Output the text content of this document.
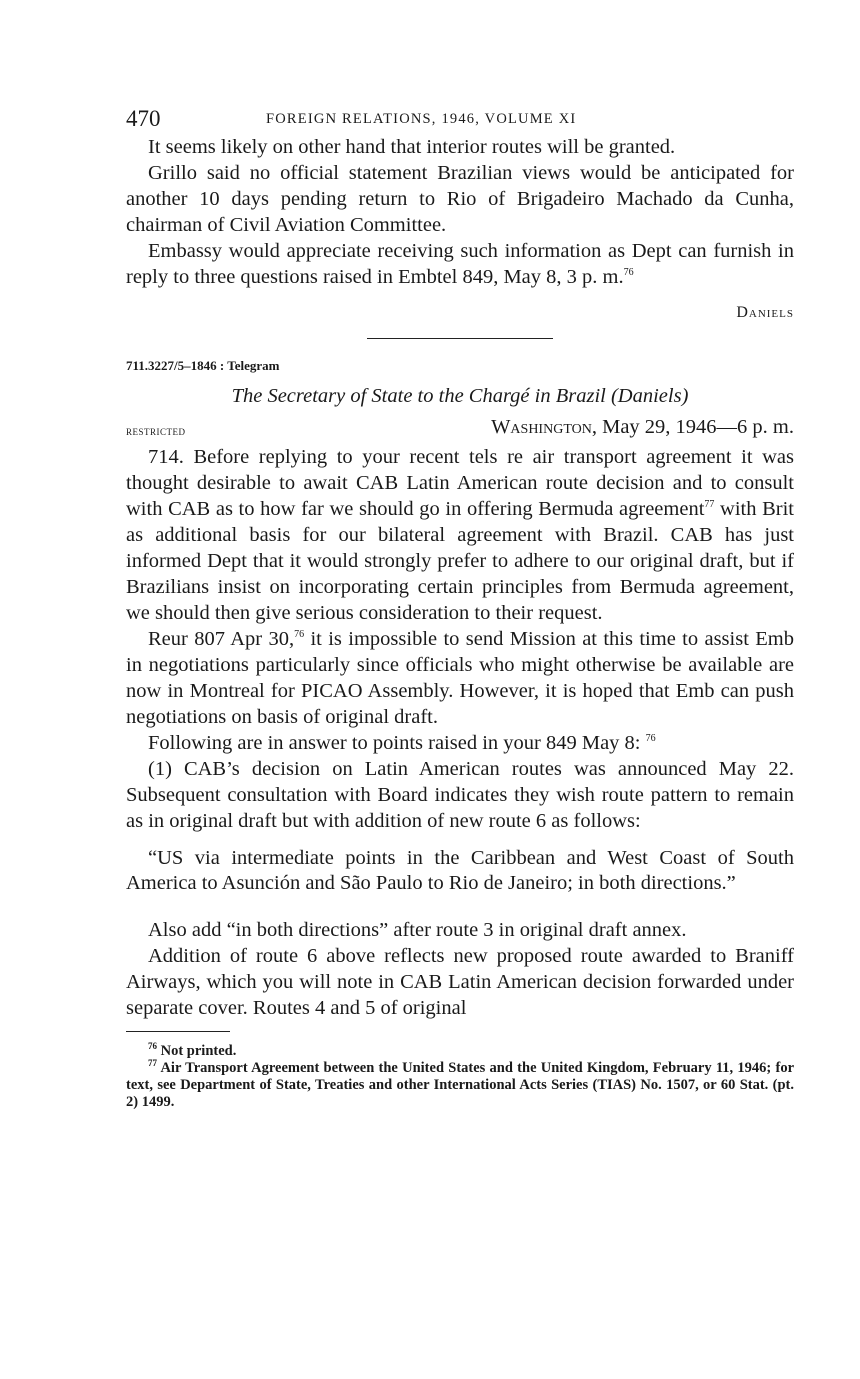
470	FOREIGN RELATIONS, 1946, VOLUME XI

It seems likely on other hand that interior routes will be granted.

Grillo said no official statement Brazilian views would be anticipated for another 10 days pending return to Rio of Brigadeiro Machado da Cunha, chairman of Civil Aviation Committee.

Embassy would appreciate receiving such information as Dept can furnish in reply to three questions raised in Embtel 849, May 8, 3 p. m.$^{76}$

Daniels
711.3227/5–1846 : Telegram
The Secretary of State to the Chargé in Brazil (Daniels)
restricted	Washington, May 29, 1946—6 p. m.

714. Before replying to your recent tels re air transport agreement it was thought desirable to await CAB Latin American route decision and to consult with CAB as to how far we should go in offering Bermuda agreement$^{77}$ with Brit as additional basis for our bilateral agreement with Brazil. CAB has just informed Dept that it would strongly prefer to adhere to our original draft, but if Brazilians insist on incorporating certain principles from Bermuda agreement, we should then give serious consideration to their request.

Reur 807 Apr 30,76 it is impossible to send Mission at this time to assist Emb in negotiations particularly since officials who might otherwise be available are now in Montreal for PICAO Assembly. However, it is hoped that Emb can push negotiations on basis of original draft.

Following are in answer to points raised in your 849 May 8: $^{76}$

(1) CAB’s decision on Latin American routes was announced May 22. Subsequent consultation with Board indicates they wish route pattern to remain as in original draft but with addition of new route 6 as follows:

“US via intermediate points in the Caribbean and West Coast of South America to Asunción and São Paulo to Rio de Janeiro; in both directions.”

Also add “in both directions” after route 3 in original draft annex.

Addition of route 6 above reflects new proposed route awarded to Braniff Airways, which you will note in CAB Latin American decision forwarded under separate cover. Routes 4 and 5 of original

$^{76}$ Not printed.

$^{77}$ Air Transport Agreement between the United States and the United Kingdom, February 11, 1946; for text, see Department of State, Treaties and other International Acts Series (TIAS) No. 1507, or 60 Stat. (pt. 2) 1499.
